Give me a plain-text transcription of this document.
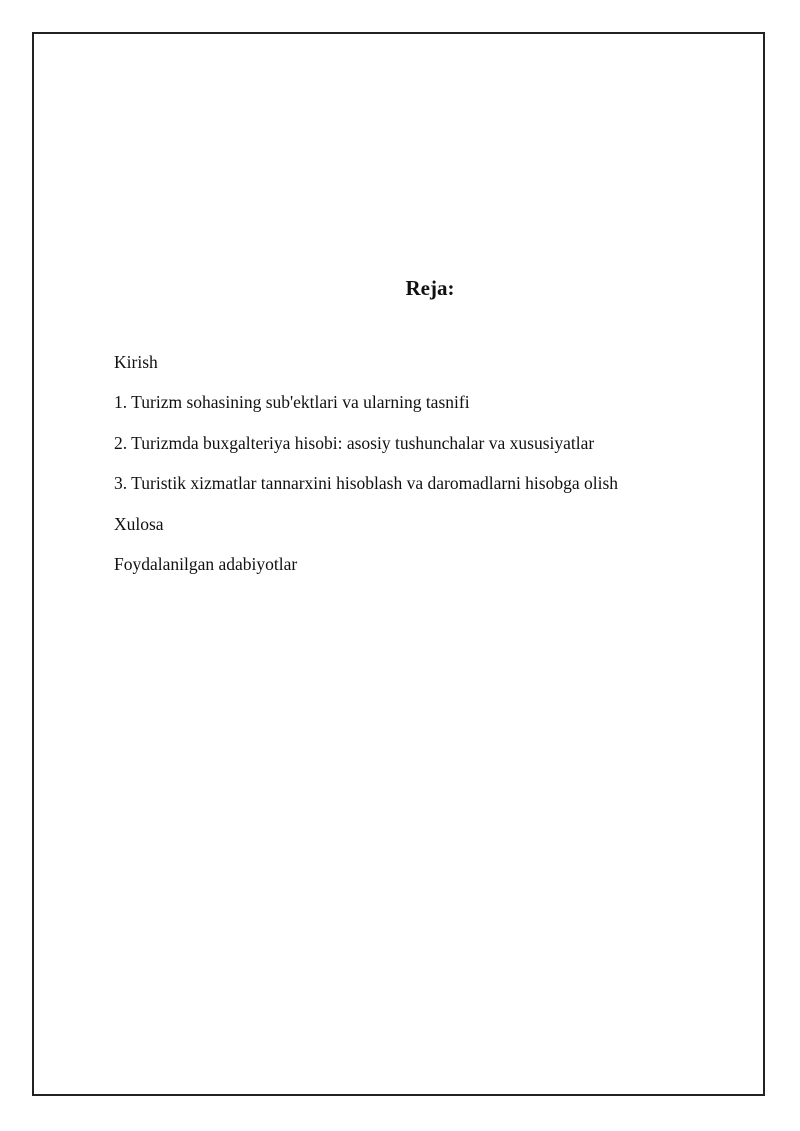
Reja:
Kirish
1. Turizm sohasining sub'ektlari va ularning tasnifi
2. Turizmda buxgalteriya hisobi: asosiy tushunchalar va xususiyatlar
3. Turistik xizmatlar tannarxini hisoblash va daromadlarni hisobga olish
Xulosa
Foydalanilgan adabiyotlar
